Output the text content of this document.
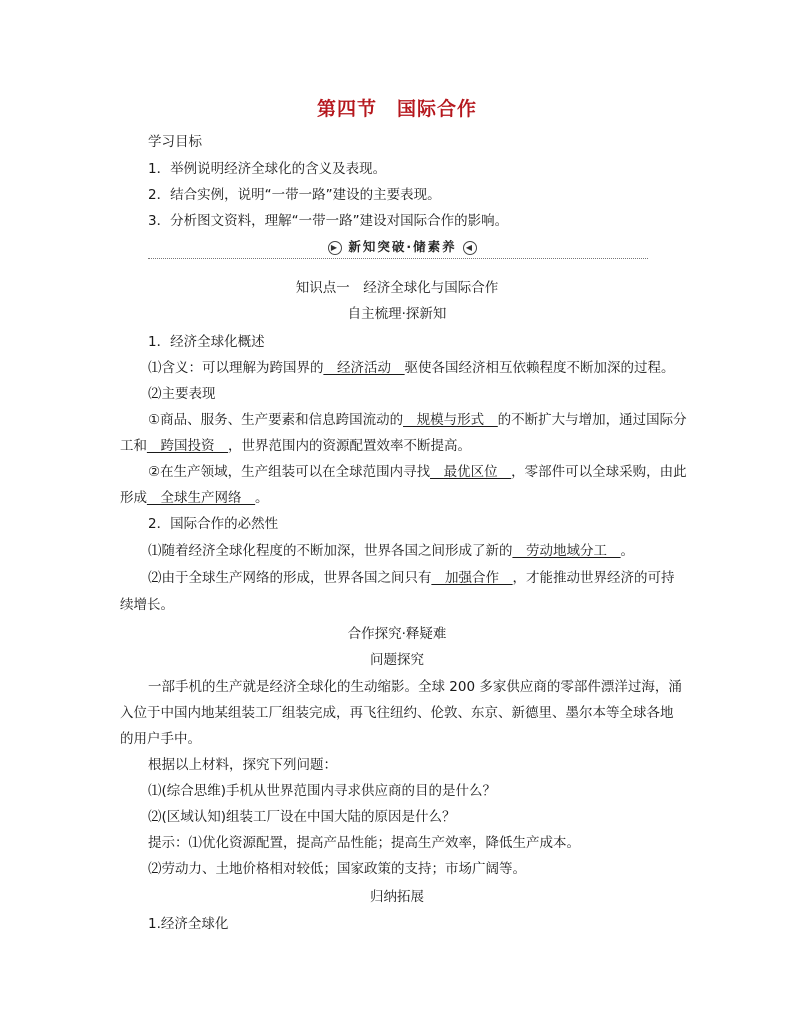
第四节　国际合作
学习目标
1．举例说明经济全球化的含义及表现。
2．结合实例，说明“一带一路”建设的主要表现。
3．分析图文资料，理解“一带一路”建设对国际合作的影响。
▶ 新知突破·储素养 ◀
知识点一　经济全球化与国际合作
自主梳理·探新知
1．经济全球化概述
⑴含义：可以理解为跨国界的__经济活动__驱使各国经济相互依赖程度不断加深的过程。
⑵主要表现
①商品、服务、生产要素和信息跨国流动的__规模与形式__的不断扩大与增加，通过国际分
工和__跨国投资__，世界范围内的资源配置效率不断提高。
②在生产领域，生产组装可以在全球范围内寻找__最优区位__，零部件可以全球采购，由此
形成__全球生产网络__。
2．国际合作的必然性
⑴随着经济全球化程度的不断加深，世界各国之间形成了新的__劳动地域分工__。
⑵由于全球生产网络的形成，世界各国之间只有__加强合作__，才能推动世界经济的可持
续增长。
合作探究·释疑难
问题探究
一部手机的生产就是经济全球化的生动缩影。全球 200 多家供应商的零部件漂洋过海，涌
入位于中国内地某组装工厂组装完成，再飞往纽约、伦敦、东京、新德里、墨尔本等全球各地
的用户手中。
根据以上材料，探究下列问题：
⑴(综合思维)手机从世界范围内寻求供应商的目的是什么？
⑵(区域认知)组装工厂设在中国大陆的原因是什么？
提示：⑴优化资源配置，提高产品性能；提高生产效率，降低生产成本。
⑵劳动力、土地价格相对较低；国家政策的支持；市场广阔等。
归纳拓展
1.经济全球化
